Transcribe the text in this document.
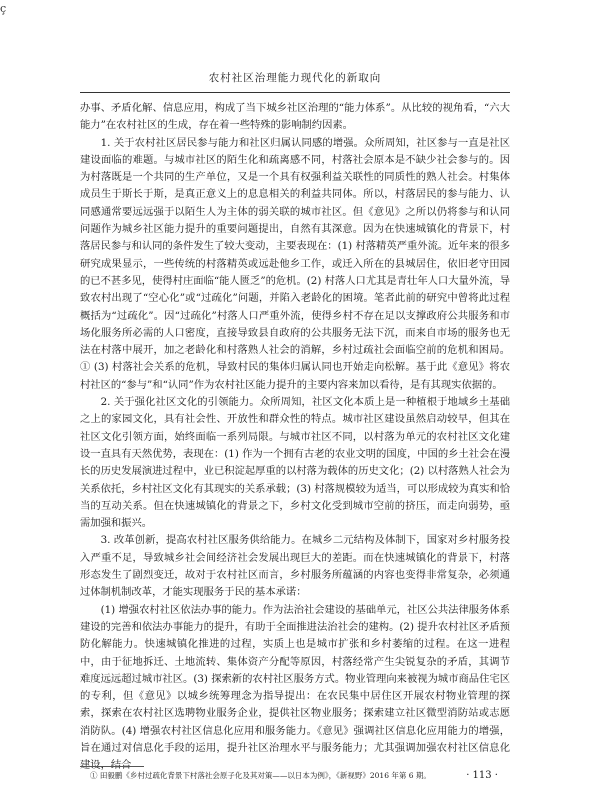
ç
农村社区治理能力现代化的新取向

办事、矛盾化解、信息应用，构成了当下城乡社区治理的“能力体系”。从比较的视角看，“六大能力”在农村社区的生成，存在着一些特殊的影响制约因素。

1. 关于农村社区居民参与能力和社区归属认同感的增强。众所周知，社区参与一直是社区建设面临的难题。与城市社区的陌生化和疏离感不同，村落社会原本是不缺少社会参与的。因为村落既是一个共同的生产单位，又是一个具有权强利益关联性的同质性的熟人社会。村集体成员生于斯长于斯，是真正意义上的息息相关的利益共同体。所以，村落居民的参与能力、认同感通常要远远强于以陌生人为主体的弱关联的城市社区。但《意见》之所以仍将参与和认同问题作为城乡社区能力提升的重要问题提出，自然有其深意。因为在快速城镇化的背景下，村落居民参与和认同的条件发生了较大变动，主要表现在：(1) 村落精英严重外流。近年来的很多研究成果显示，一些传统的村落精英或远赴他乡工作，或迁入所在的县城居住，依旧老守田园的已不甚多见，使得村庄面临“能人匮乏”的危机。(2) 村落人口尤其是青壮年人口大量外流，导致农村出现了“空心化”或“过疏化”问题，并陷入老龄化的困境。笔者此前的研究中曾将此过程概括为“过疏化”。因“过疏化”村落人口严重外流，使得乡村不存在足以支撑政府公共服务和市场化服务所必需的人口密度，直接导致县自政府的公共服务无法下沉，而来自市场的服务也无法在村落中展开，加之老龄化和村落熟人社会的消解，乡村过疏社会面临空前的危机和困局。① (3) 村落社会关系的危机，导致村民的集体归属认同也开始走向松解。基于此《意见》将农村社区的“参与”和“认同”作为农村社区能力提升的主要内容来加以看待，是有其现实依据的。

2. 关于强化社区文化的引领能力。众所周知，社区文化本质上是一种植根于地域乡土基础之上的家园文化，具有社会性、开放性和群众性的特点。城市社区建设虽然启动较早，但其在社区文化引领方面，始终面临一系列局限。与城市社区不同，以村落为单元的农村社区文化建设一直具有天然优势，表现在：(1) 作为一个拥有古老的农业文明的国度，中国的乡土社会在漫长的历史发展演进过程中，业已积淀起厚重的以村落为载体的历史文化；(2) 以村落熟人社会为关系依托，乡村社区文化有其现实的关系承载；(3) 村落规模较为适当，可以形成较为真实和恰当的互动关系。但在快速城镇化的背景之下，乡村文化受到城市空前的挤压，而走向弱势，亟需加强和振兴。

3. 改革创新，提高农村社区服务供给能力。在城乡二元结构及体制下，国家对乡村服务投入严重不足，导致城乡社会间经济社会发展出现巨大的差距。而在快速城镇化的背景下，村落形态发生了剧烈变迁，故对于农村社区而言，乡村服务所蕴涵的内容也变得非常复杂，必须通过体制机制改革，才能实现服务于民的基本承诺：

(1) 增强农村社区依法办事的能力。作为法治社会建设的基础单元，社区公共法律服务体系建设的完善和依法办事能力的提升，有助于全面推进法治社会的建构。(2) 提升农村社区矛盾预防化解能力。快速城镇化推进的过程，实质上也是城市扩张和乡村萎缩的过程。在这一进程中，由于征地拆迁、土地流转、集体资产分配等原因，村落经常产生尖锐复杂的矛盾，其调节难度远远超过城市社区。(3) 探索新的农村社区服务方式。物业管理向来被视为城市商品住宅区的专利，但《意见》以城乡统筹理念为指导提出：在农民集中居住区开展农村物业管理的探索，探索在农村社区选聘物业服务企业，提供社区物业服务；探索建立社区微型消防站或志愿消防队。(4) 增强农村社区信息化应用和服务能力。《意见》强调社区信息化应用能力的增强，旨在通过对信息化手段的运用，提升社区治理水平与服务能力；尤其强调加强农村社区信息化建设，结合

① 田毅鹏《乡村过疏化背景下村落社会原子化及其对策——以日本为例》，《新视野》2016 年第 6 期。	· 113 ·
